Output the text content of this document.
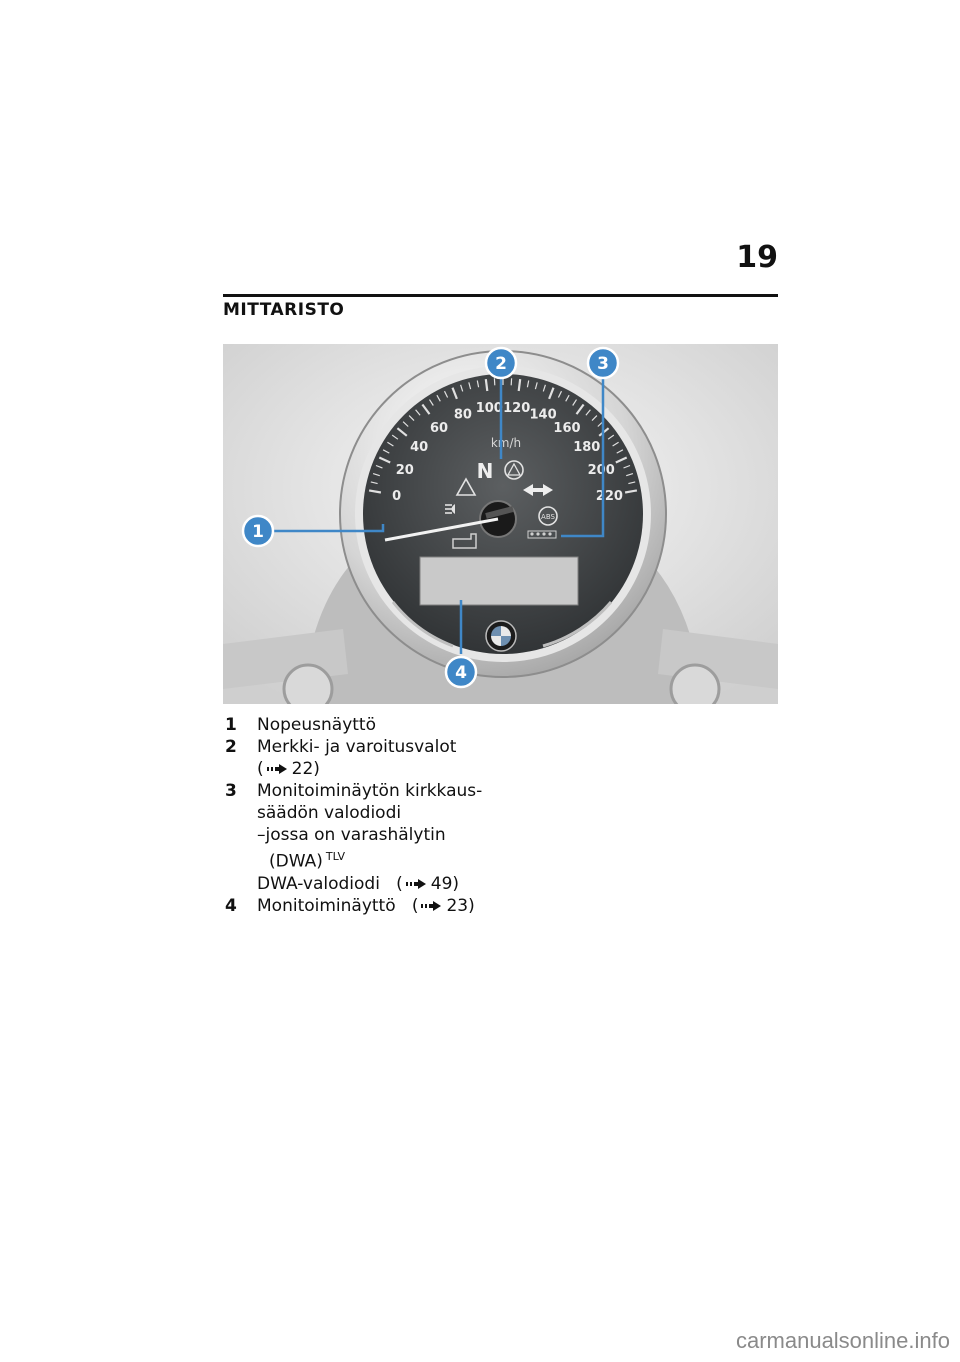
19
MITTARISTO
0
20
40
60
80 100 120 140
160
180
200
220
km/h
N
ABS
1
2	3
4
1 Nopeusnäyttö
2 Merkki- ja varoitusvalot
( 22)
3 Monitoiminäytön kirkkaus-
säädön valodiodi
–jossa on varashälytin
(DWA) $^{TLV}$
DWA-valodiodi   ( 49)
4 Monitoiminäyttö   ( 23)
carmanualsonline.info
